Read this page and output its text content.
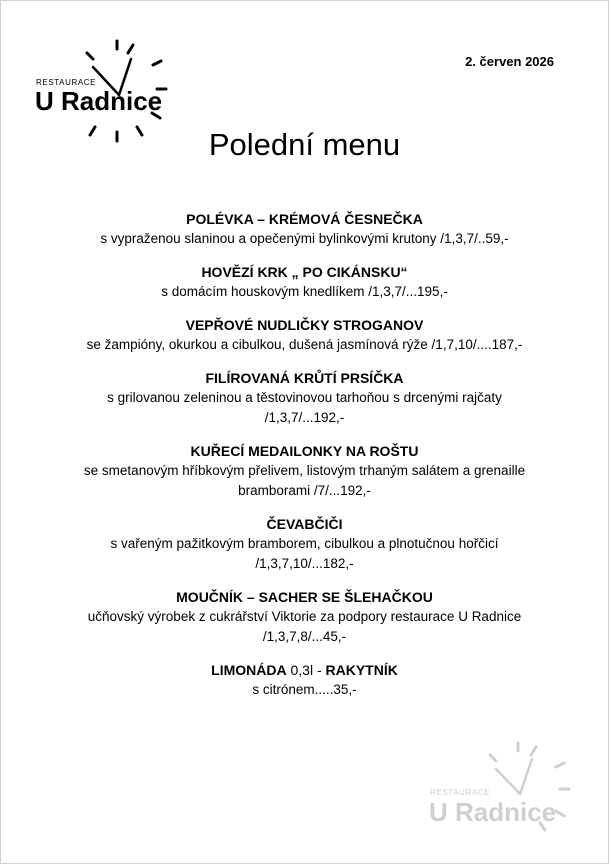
RESTAURACE
U Radnice
2. červen 2026
Polední menu
POLÉVKA – KRÉMOVÁ ČESNEČKA
s vypraženou slaninou a opečenými bylinkovými krutony /1,3,7/..59,-
HOVĚZÍ KRK „ PO CIKÁNSKU“
s domácím houskovým knedlíkem /1,3,7/...195,-
VEPŘOVÉ NUDLIČKY STROGANOV
se žampióny, okurkou a cibulkou, dušená jasmínová rýže /1,7,10/....187,-
FILÍROVANÁ KRŮTÍ PRSÍČKA
s grilovanou zeleninou a těstovinovou tarhoňou s drcenými rajčaty
/1,3,7/...192,-
KUŘECÍ MEDAILONKY NA ROŠTU
se smetanovým hříbkovým přelivem, listovým trhaným salátem a grenaille
bramborami /7/...192,-
ČEVABČIČI
s vařeným pažitkovým bramborem, cibulkou a plnotučnou hořčicí
/1,3,7,10/...182,-
MOUČNÍK – SACHER SE ŠLEHAČKOU
učňovský výrobek z cukrářství Viktorie za podpory restaurace U Radnice
/1,3,7,8/...45,-
LIMONÁDA 0,3l - RAKYTNÍK
s citrónem.....35,-
RESTAURACE
U Radnice
